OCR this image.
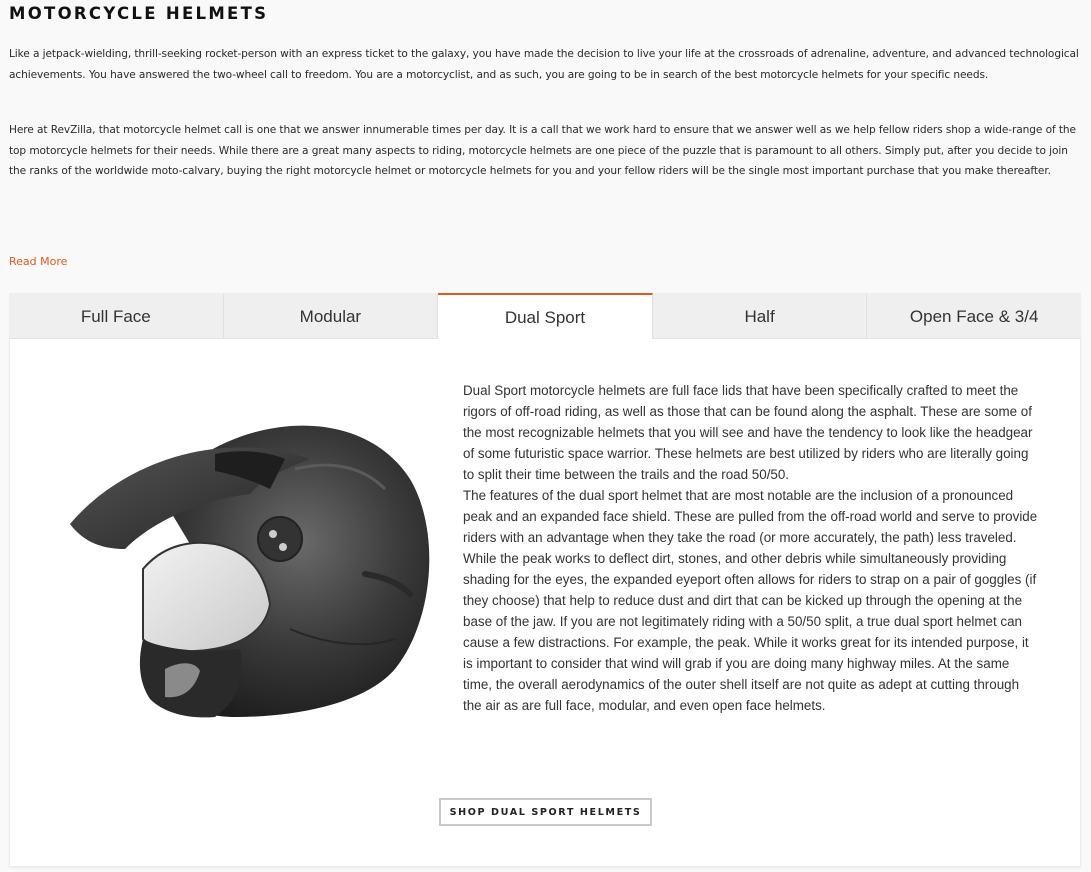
MOTORCYCLE HELMETS

Like a jetpack-wielding, thrill-seeking rocket-person with an express ticket to the galaxy, you have made the decision to live your life at the crossroads of adrenaline, adventure, and advanced technological achievements. You have answered the two-wheel call to freedom. You are a motorcyclist, and as such, you are going to be in search of the best motorcycle helmets for your specific needs.

Here at RevZilla, that motorcycle helmet call is one that we answer innumerable times per day. It is a call that we work hard to ensure that we answer well as we help fellow riders shop a wide-range of the top motorcycle helmets for their needs. While there are a great many aspects to riding, motorcycle helmets are one piece of the puzzle that is paramount to all others. Simply put, after you decide to join the ranks of the worldwide moto-calvary, buying the right motorcycle helmet or motorcycle helmets for you and your fellow riders will be the single most important purchase that you make thereafter.

Read More
Full Face	Modular	Dual Sport	Half	Open Face & 3/4

Dual Sport motorcycle helmets are full face lids that have been specifically crafted to meet the rigors of off-road riding, as well as those that can be found along the asphalt. These are some of the most recognizable helmets that you will see and have the tendency to look like the headgear of some futuristic space warrior. These helmets are best utilized by riders who are literally going to split their time between the trails and the road 50/50.

The features of the dual sport helmet that are most notable are the inclusion of a pronounced peak and an expanded face shield. These are pulled from the off-road world and serve to provide riders with an advantage when they take the road (or more accurately, the path) less traveled. While the peak works to deflect dirt, stones, and other debris while simultaneously providing shading for the eyes, the expanded eyeport often allows for riders to strap on a pair of goggles (if they choose) that help to reduce dust and dirt that can be kicked up through the opening at the base of the jaw. If you are not legitimately riding with a 50/50 split, a true dual sport helmet can cause a few distractions. For example, the peak. While it works great for its intended purpose, it is important to consider that wind will grab if you are doing many highway miles. At the same time, the overall aerodynamics of the outer shell itself are not quite as adept at cutting through the air as are full face, modular, and even open face helmets.

SHOP DUAL SPORT HELMETS
